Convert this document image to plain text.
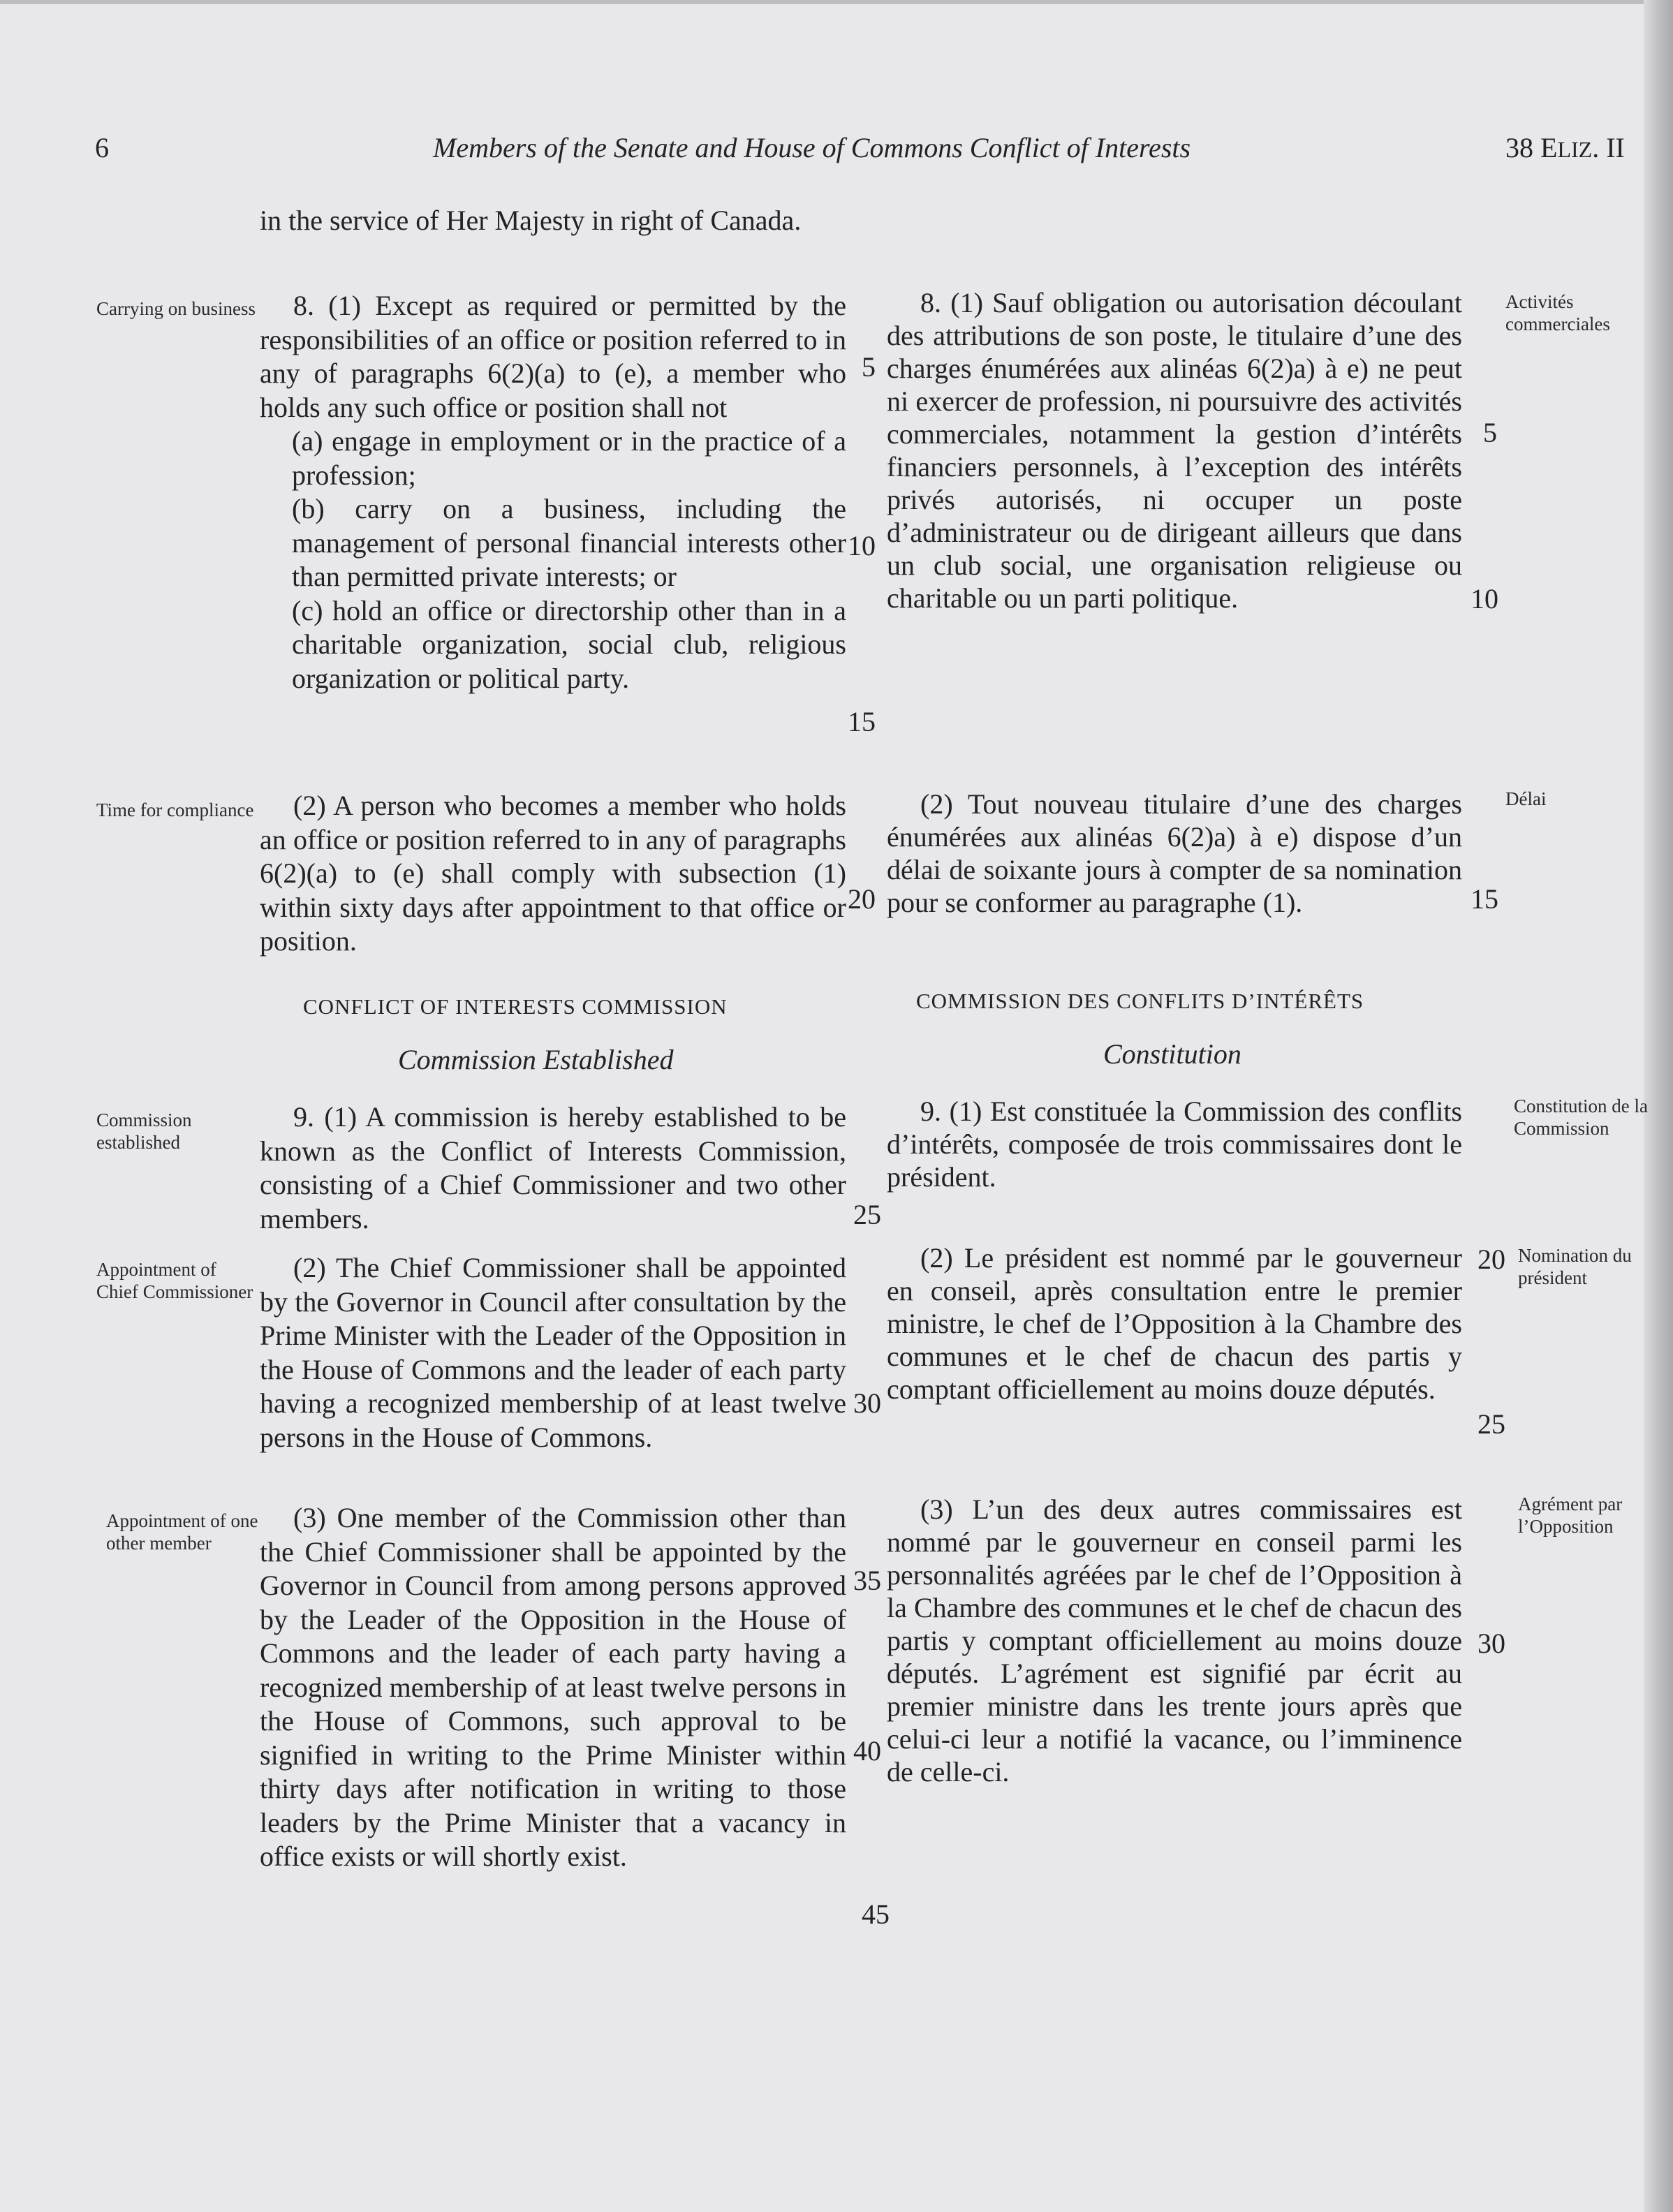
6	Members of the Senate and House of Commons Conflict of Interests	38 ELIZ. II
Carrying on business
Time for compliance
Commission established
Appointment of Chief Commissioner
Appointment of one other member
Activités commerciales
Délai
Constitution de la Commission
Nomination du président
Agrément par l’Opposition

in the service of Her Majesty in right of Canada.

8. (1) Except as required or permitted by the responsibilities of an office or position referred to in any of paragraphs 6(2)(a) to (e), a member who holds any such office or position shall not

(a) engage in employment or in the practice of a profession;

(b) carry on a business, including the management of personal financial interests other than permitted private interests; or

(c) hold an office or directorship other than in a charitable organization, social club, religious organization or political party.

(2) A person who becomes a member who holds an office or position referred to in any of paragraphs 6(2)(a) to (e) shall comply with subsection (1) within sixty days after appointment to that office or position.

CONFLICT OF INTERESTS COMMISSION
Commission Established

9. (1) A commission is hereby established to be known as the Conflict of Interests Commission, consisting of a Chief Commissioner and two other members.

(2) The Chief Commissioner shall be appointed by the Governor in Council after consultation by the Prime Minister with the Leader of the Opposition in the House of Commons and the leader of each party having a recognized membership of at least twelve persons in the House of Commons.

(3) One member of the Commission other than the Chief Commissioner shall be appointed by the Governor in Council from among persons approved by the Leader of the Opposition in the House of Commons and the leader of each party having a recognized membership of at least twelve persons in the House of Commons, such approval to be signified in writing to the Prime Minister within thirty days after notification in writing to those leaders by the Prime Minister that a vacancy in office exists or will shortly exist.

8. (1) Sauf obligation ou autorisation découlant des attributions de son poste, le titulaire d’une des charges énumérées aux alinéas 6(2)a) à e) ne peut ni exercer de profession, ni poursuivre des activités commerciales, notamment la gestion d’intérêts financiers personnels, à l’exception des intérêts privés autorisés, ni occuper un poste d’administrateur ou de dirigeant ailleurs que dans un club social, une organisation religieuse ou charitable ou un parti politique.

(2) Tout nouveau titulaire d’une des charges énumérées aux alinéas 6(2)a) à e) dispose d’un délai de soixante jours à compter de sa nomination pour se conformer au paragraphe (1).

COMMISSION DES CONFLITS D’INTÉRÊTS
Constitution

9. (1) Est constituée la Commission des conflits d’intérêts, composée de trois commissaires dont le président.

(2) Le président est nommé par le gouverneur en conseil, après consultation entre le premier ministre, le chef de l’Opposition à la Chambre des communes et le chef de chacun des partis y comptant officiellement au moins douze députés.

(3) L’un des deux autres commissaires est nommé par le gouverneur en conseil parmi les personnalités agréées par le chef de l’Opposition à la Chambre des communes et le chef de chacun des partis y comptant officiellement au moins douze députés. L’agrément est signifié par écrit au premier ministre dans les trente jours après que celui-ci leur a notifié la vacance, ou l’imminence de celle-ci.

5
10
15
20
25
30
35
40
45
5
10
15
20
25
30
